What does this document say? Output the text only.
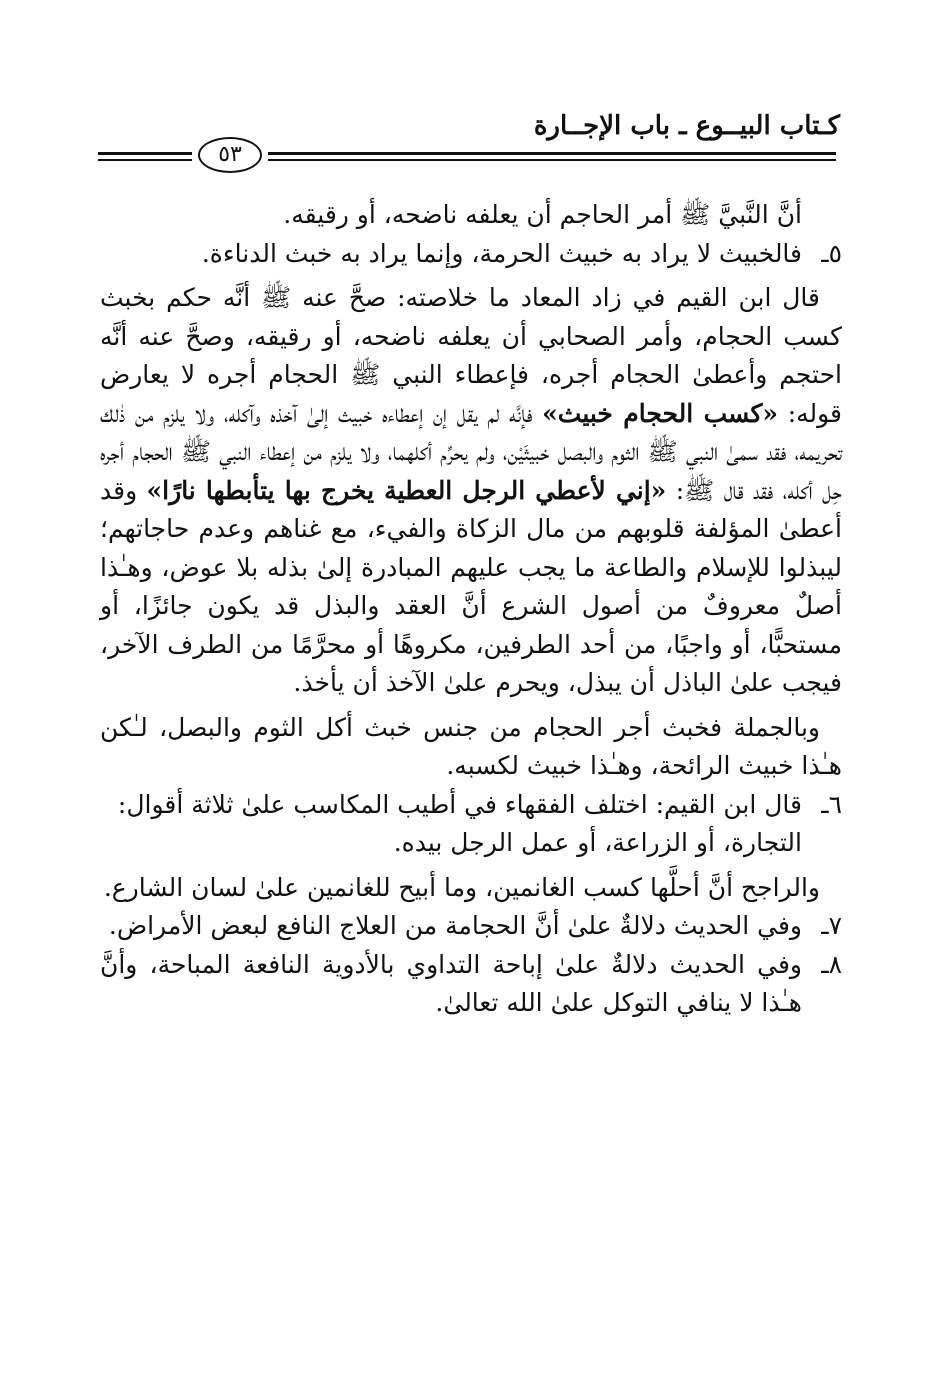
كـتاب البيــوع ـ باب الإجــارة
٥٣

أنَّ النَّبيَّ ﷺ أمر الحاجم أن يعلفه ناضحه، أو رقيقه.

٥ـفالخبيث لا يراد به خبيث الحرمة، وإنما يراد به خبث الدناءة.

قال ابن القيم في زاد المعاد ما خلاصته: صحَّ عنه ﷺ أنَّه حكم بخبث كسب الحجام، وأمر الصحابي أن يعلفه ناضحه، أو رقيقه، وصحَّ عنه أنَّه احتجم وأعطىٰ الحجام أجره، فإعطاء النبي ﷺ الحجام أجره لا يعارض قوله: «كسب الحجام خبيث» فإنَّه لم يقل إن إعطاءه خبيث إلىٰ آخذه وآكله، ولا يلزم من ذٰلك تحريمه، فقد سمىٰ النبي ﷺ الثوم والبصل خبيثَيْن، ولم يحرِّم أكلهما، ولا يلزم من إعطاء النبي ﷺ الحجام أجره حِل أكله، فقد قال ﷺ: «إني لأعطي الرجل العطية يخرج بها يتأبطها نارًا» وقد أعطىٰ المؤلفة قلوبهم من مال الزكاة والفيء، مع غناهم وعدم حاجاتهم؛ ليبذلوا للإسلام والطاعة ما يجب عليهم المبادرة إلىٰ بذله بلا عوض، وهـٰذا أصلٌ معروفٌ من أصول الشرع أنَّ العقد والبذل قد يكون جائزًا، أو مستحبًّا، أو واجبًا، من أحد الطرفين، مكروهًا أو محرَّمًا من الطرف الآخر، فيجب علىٰ الباذل أن يبذل، ويحرم علىٰ الآخذ أن يأخذ.

وبالجملة فخبث أجر الحجام من جنس خبث أكل الثوم والبصل، لـٰكن هـٰذا خبيث الرائحة، وهـٰذا خبيث لكسبه.

٦ـقال ابن القيم: اختلف الفقهاء في أطيب المكاسب علىٰ ثلاثة أقوال:

التجارة، أو الزراعة، أو عمل الرجل بيده.

والراجح أنَّ أحلَّها كسب الغانمين، وما أبيح للغانمين علىٰ لسان الشارع.

٧ـوفي الحديث دلالةٌ علىٰ أنَّ الحجامة من العلاج النافع لبعض الأمراض.

٨ـوفي الحديث دلالةٌ علىٰ إباحة التداوي بالأدوية النافعة المباحة، وأنَّ هـٰذا لا ينافي التوكل علىٰ الله تعالىٰ.
